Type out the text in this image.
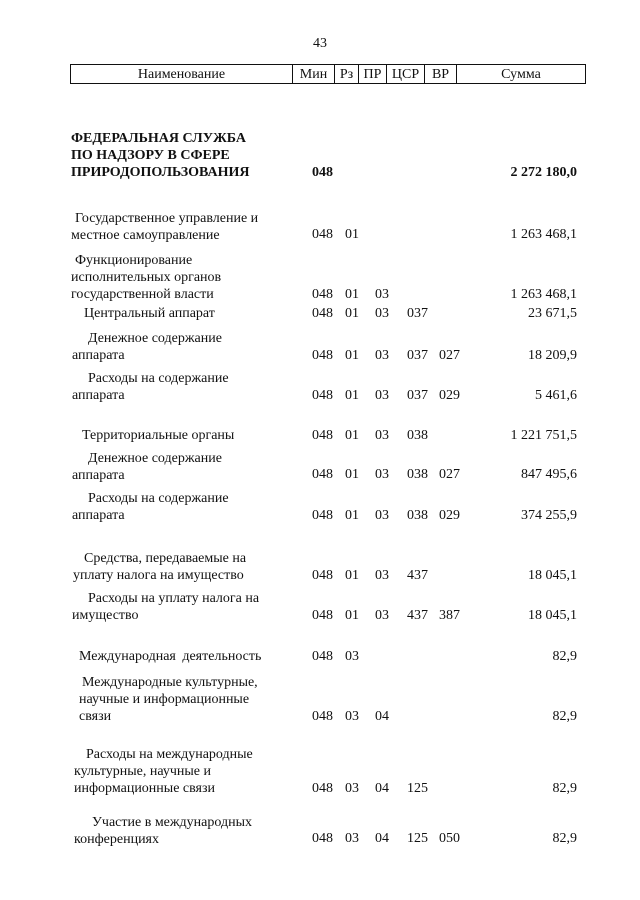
43
Наименование	Мин Рз ПР ЦСР ВР	Сумма
ФЕДЕРАЛЬНАЯ СЛУЖБА
ПО НАДЗОРУ В СФЕРЕ
ПРИРОДОПОЛЬЗОВАНИЯ	048	2 272 180,0
Государственное управление и
местное самоуправление	048 01	1 263 468,1
Функционирование
исполнительных органов
государственной власти	048 01 03	1 263 468,1
Центральный аппарат	048 01 03 037	23 671,5
Денежное содержание
аппарата	048 01 03 037 027	18 209,9
Расходы на содержание
аппарата	048 01 03 037 029	5 461,6
Территориальные органы	048 01 03 038	1 221 751,5
Денежное содержание
аппарата	048 01 03 038 027	847 495,6
Расходы на содержание
аппарата	048 01 03 038 029	374 255,9
Средства, передаваемые на
уплату налога на имущество	048 01 03 437	18 045,1
Расходы на уплату налога на
имущество	048 01 03 437 387	18 045,1
Международная деятельность	048 03	82,9
Международные культурные,
научные и информационные
связи	048 03 04	82,9
Расходы на международные
культурные, научные и
информационные связи	048 03 04 125	82,9
Участие в международных
конференциях	048 03 04 125 050	82,9
